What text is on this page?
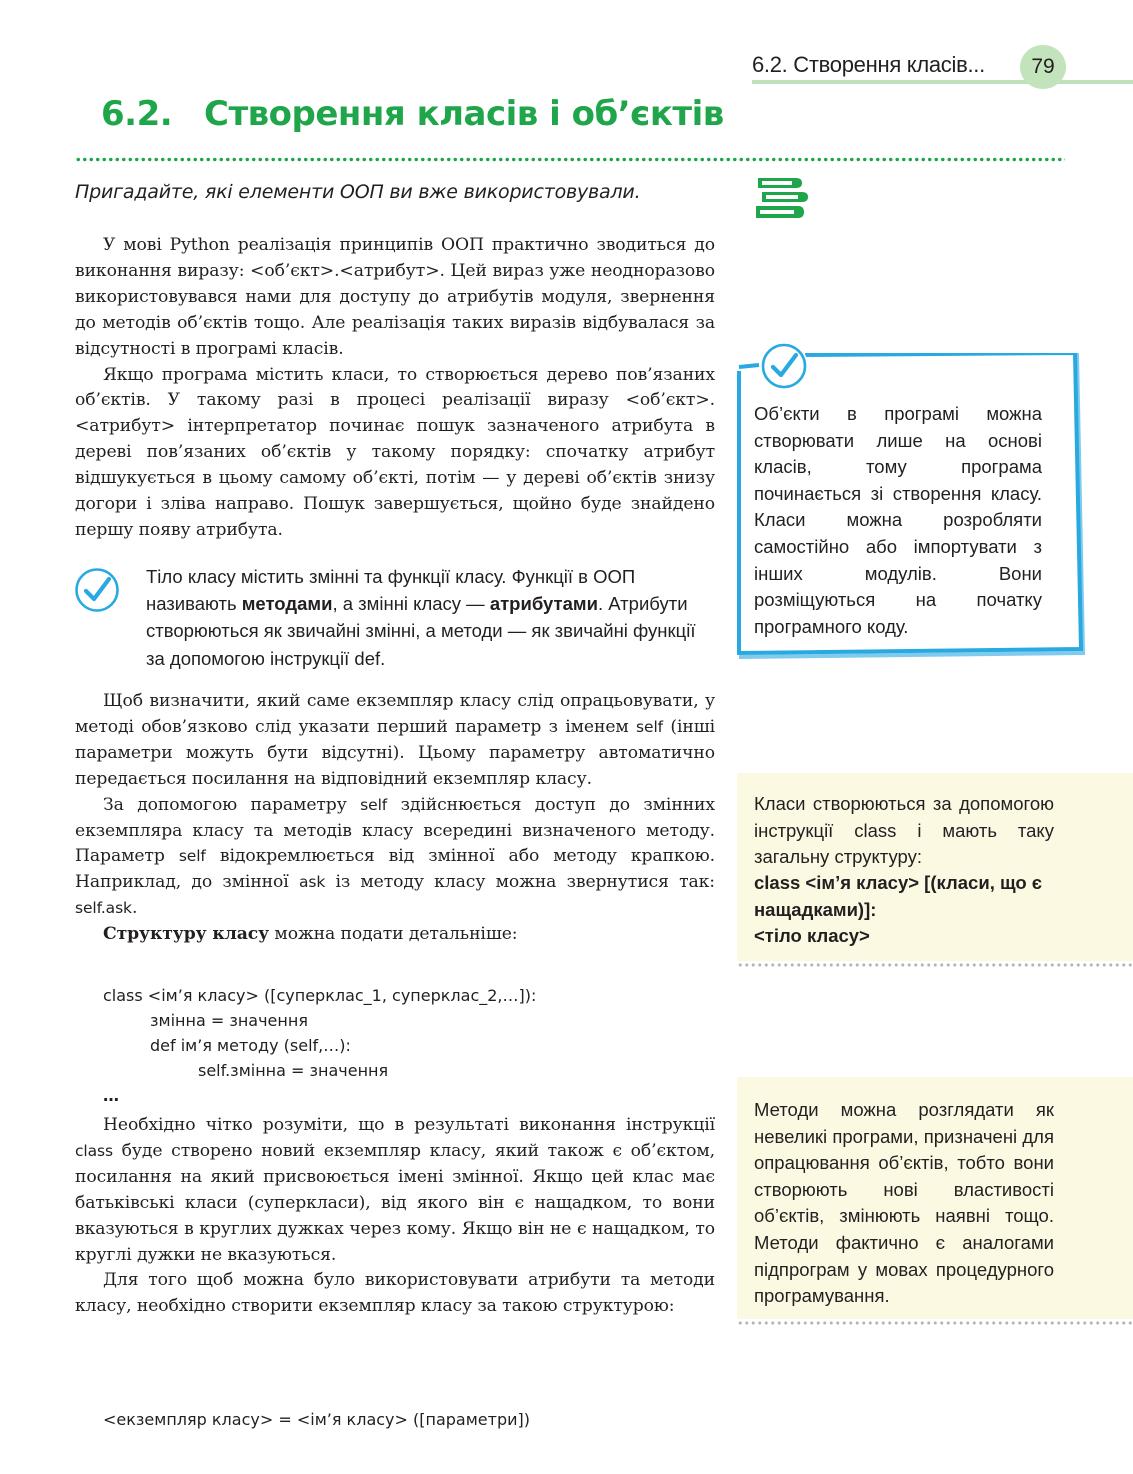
6.2. Створення класів...	79
6.2. Створення класів і об’єктів
Пригадайте, які елементи ООП ви вже використовували.

У мові Python реалізація принципів ООП практично зводиться до виконання виразу: <об’єкт>.<атрибут>. Цей вираз уже неодноразово використовувався нами для доступу до атрибутів модуля, звернення до методів об’єктів тощо. Але реалізація таких виразів відбувалася за відсутності в програмі класів.

Якщо програма містить класи, то створюється дерево пов’язаних об’єктів. У такому разі в процесі реалізації виразу <об’єкт>.<атрибут> інтерпретатор починає пошук зазначеного атрибута в дереві пов’язаних об’єктів у такому порядку: спочатку атрибут відшукується в цьому самому об’єкті, потім — у дереві об’єктів знизу догори і зліва направо. Пошук завершується, щойно буде знайдено першу появу атрибута.

Тіло класу містить змінні та функції класу. Функції в ООП називають методами, а змінні класу — атрибутами. Атрибути створюються як звичайні змінні, а методи — як звичайні функції за допомогою інструкції def.

Щоб визначити, який саме екземпляр класу слід опрацьовувати, у методі обов’язково слід указати перший параметр з іменем self (інші параметри можуть бути відсутні). Цьому параметру автоматично передається посилання на відповідний екземпляр класу.

За допомогою параметру self здійснюється доступ до змінних екземпляра класу та методів класу всередині визначеного методу. Параметр self відокремлюється від змінної або методу крапкою. Наприклад, до змінної ask із методу класу можна звернутися так: self.ask.

Структуру класу можна подати детальніше:

class <ім’я класу> ([суперклас_1, суперклас_2,…]):
змінна = значення
def ім’я методу (self,…):
self.змінна = значення
…

Необхідно чітко розуміти, що в результаті виконання інструкції class буде створено новий екземпляр класу, який також є об’єктом, посилання на який присвоюється імені змінної. Якщо цей клас має батьківські класи (суперкласи), від якого він є нащадком, то вони вказуються в круглих дужках через кому. Якщо він не є нащадком, то круглі дужки не вказуються.

Для того щоб можна було використовувати атрибути та методи класу, необхідно створити екземпляр класу за такою структурою:

<екземпляр класу> = <ім’я класу> ([параметри])
Об’єкти в програмі можна створювати лише на основі класів, тому програма починається зі створення класу. Класи можна розробляти самостійно або імпортувати з інших модулів. Вони розміщуються на початку програмного коду.
Класи створюються за допомогою інструкції class і мають таку загальну структуру:
class <ім’я класу> [(класи, що є нащадками)]:
<тіло класу>
Методи можна розглядати як невеликі програми, призначені для опрацювання об’єктів, тобто вони створюють нові властивості об’єктів, змінюють наявні тощо. Методи фактично є аналогами підпрограм у мовах процедурного програмування.
